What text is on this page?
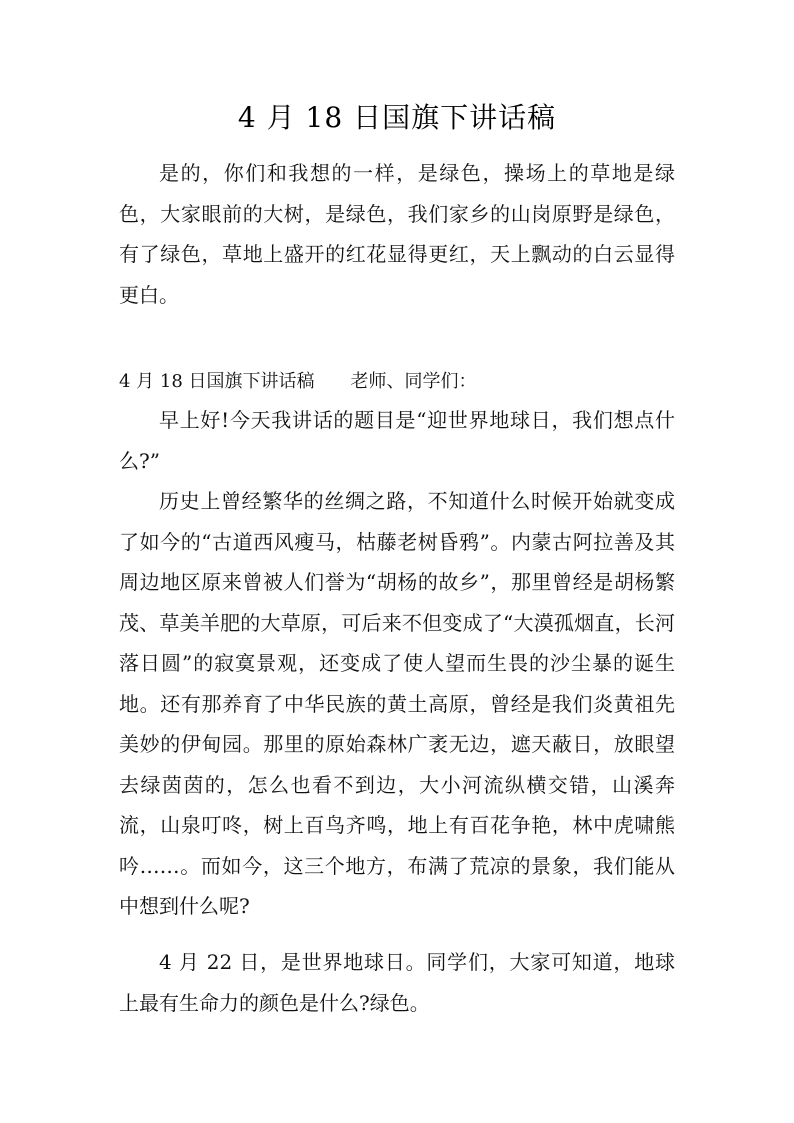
4 月 18 日国旗下讲话稿

是的，你们和我想的一样，是绿色，操场上的草地是绿色，大家眼前的大树，是绿色，我们家乡的山岗原野是绿色，有了绿色，草地上盛开的红花显得更红，天上飘动的白云显得更白。

4 月 18 日国旗下讲话稿 老师、同学们：

早上好!今天我讲话的题目是“迎世界地球日，我们想点什么?”

历史上曾经繁华的丝绸之路，不知道什么时候开始就变成了如今的“古道西风瘦马，枯藤老树昏鸦”。内蒙古阿拉善及其周边地区原来曾被人们誉为“胡杨的故乡”，那里曾经是胡杨繁茂、草美羊肥的大草原，可后来不但变成了“大漠孤烟直，长河落日圆”的寂寞景观，还变成了使人望而生畏的沙尘暴的诞生地。还有那养育了中华民族的黄土高原，曾经是我们炎黄祖先美妙的伊甸园。那里的原始森林广袤无边，遮天蔽日，放眼望去绿茵茵的，怎么也看不到边，大小河流纵横交错，山溪奔流，山泉叮咚，树上百鸟齐鸣，地上有百花争艳，林中虎啸熊吟……。而如今，这三个地方，布满了荒凉的景象，我们能从中想到什么呢?

4 月 22 日，是世界地球日。同学们，大家可知道，地球上最有生命力的颜色是什么?绿色。
